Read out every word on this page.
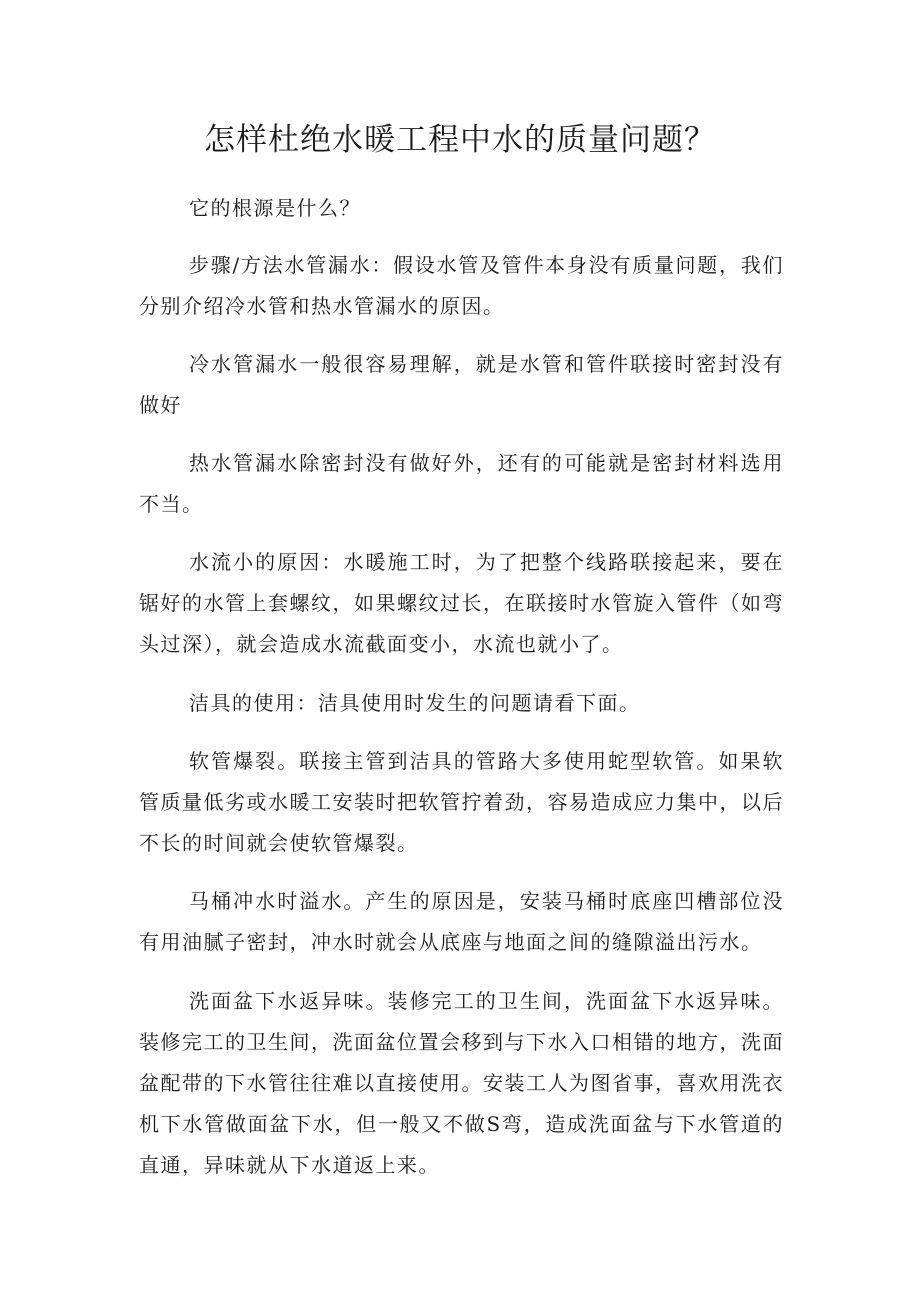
怎样杜绝水暖工程中水的质量问题？

它的根源是什么？

步骤/方法水管漏水：假设水管及管件本身没有质量问题，我们分别介绍冷水管和热水管漏水的原因。

冷水管漏水一般很容易理解，就是水管和管件联接时密封没有做好

热水管漏水除密封没有做好外，还有的可能就是密封材料选用不当。

水流小的原因：水暖施工时，为了把整个线路联接起来，要在锯好的水管上套螺纹，如果螺纹过长，在联接时水管旋入管件（如弯头过深），就会造成水流截面变小，水流也就小了。

洁具的使用：洁具使用时发生的问题请看下面。

软管爆裂。联接主管到洁具的管路大多使用蛇型软管。如果软管质量低劣或水暖工安装时把软管拧着劲，容易造成应力集中，以后不长的时间就会使软管爆裂。

马桶冲水时溢水。产生的原因是，安装马桶时底座凹槽部位没有用油腻子密封，冲水时就会从底座与地面之间的缝隙溢出污水。

洗面盆下水返异味。装修完工的卫生间，洗面盆下水返异味。装修完工的卫生间，洗面盆位置会移到与下水入口相错的地方，洗面盆配带的下水管往往难以直接使用。安装工人为图省事，喜欢用洗衣机下水管做面盆下水，但一般又不做S弯，造成洗面盆与下水管道的直通，异味就从下水道返上来。
